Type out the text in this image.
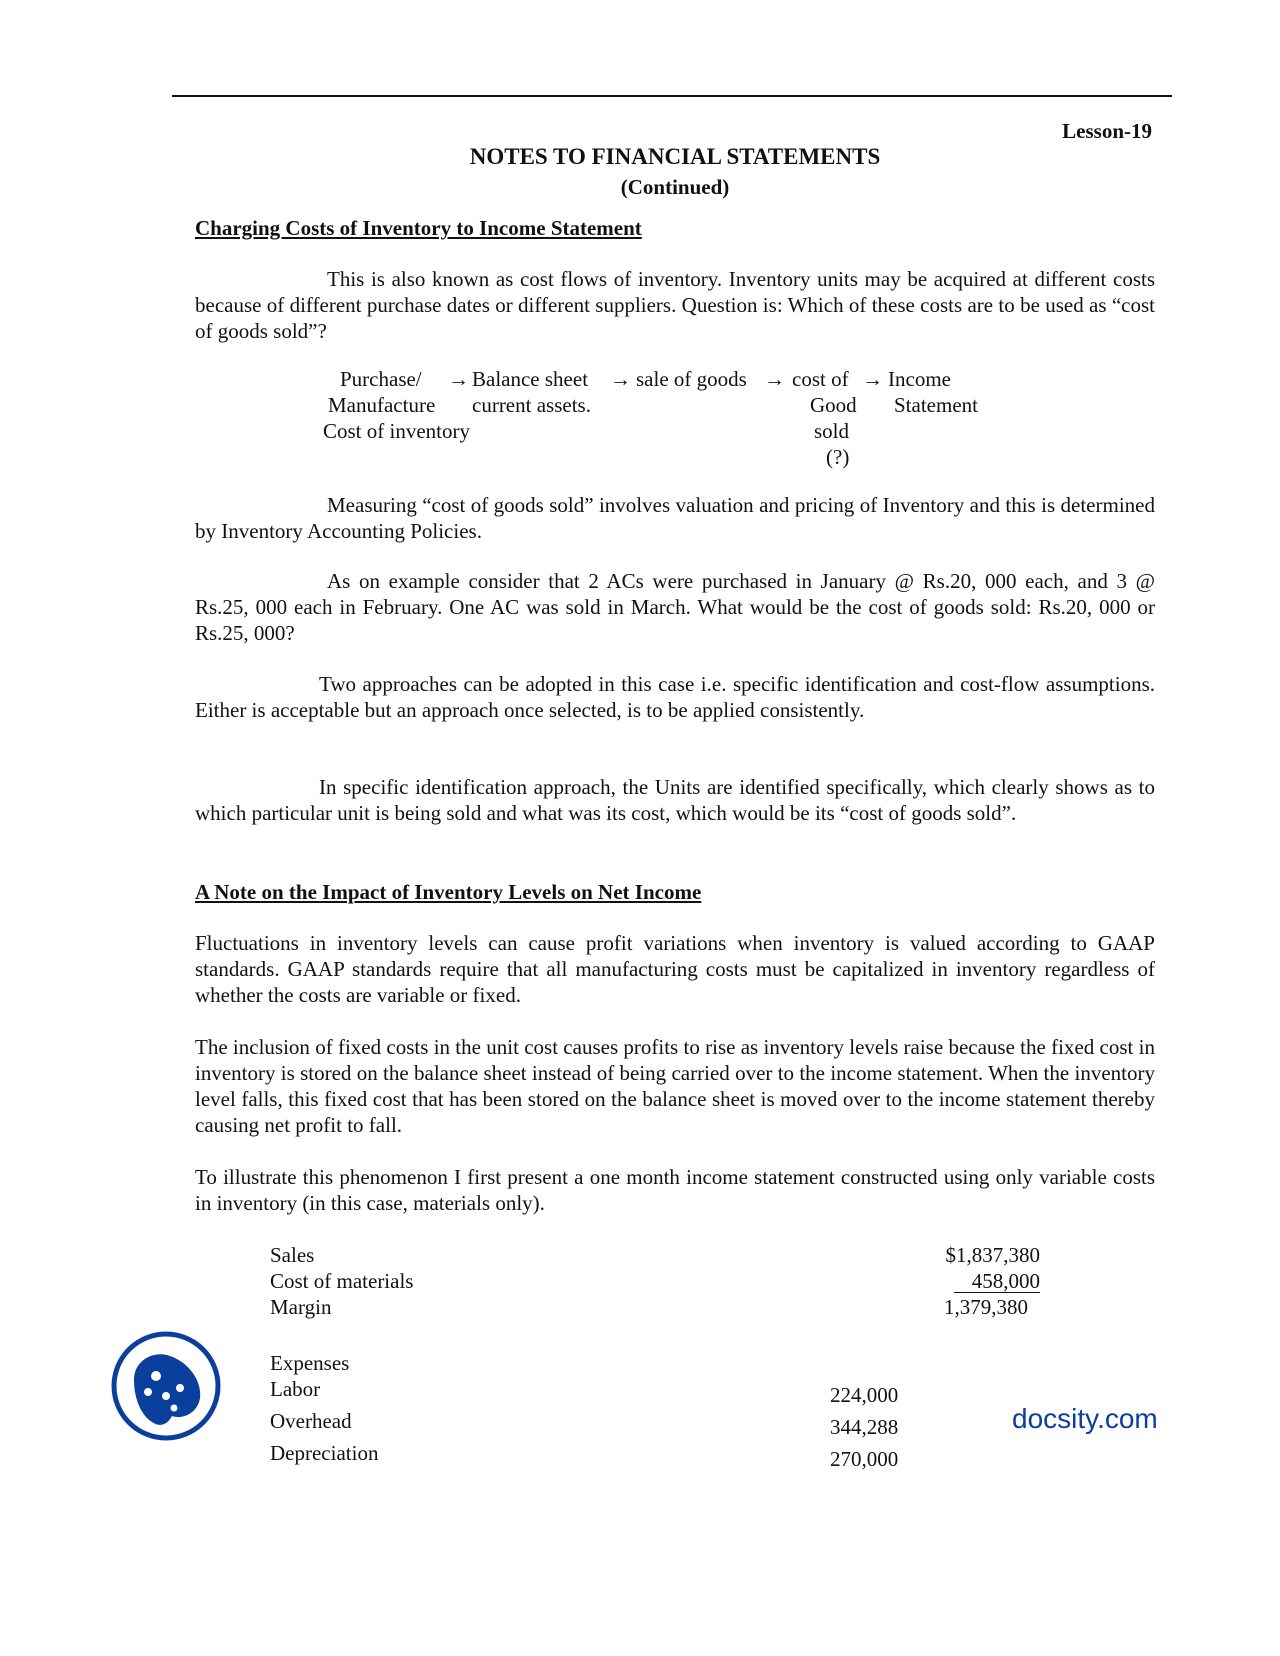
Lesson-19
NOTES TO FINANCIAL STATEMENTS
(Continued)
Charging Costs of Inventory to Income Statement
This is also known as cost flows of inventory. Inventory units may be acquired at different costs because of different purchase dates or different suppliers. Question is: Which of these costs are to be used as “cost of goods sold”?
Purchase/ → Balance sheet → sale of goods → cost of → Income
Manufacture current assets.	Good Statement
Cost of inventory	sold
(?)
Measuring “cost of goods sold” involves valuation and pricing of Inventory and this is determined by Inventory Accounting Policies.
As on example consider that 2 ACs were purchased in January @ Rs.20, 000 each, and 3 @ Rs.25, 000 each in February. One AC was sold in March. What would be the cost of goods sold: Rs.20, 000 or Rs.25, 000?
Two approaches can be adopted in this case i.e. specific identification and cost-flow assumptions. Either is acceptable but an approach once selected, is to be applied consistently.
In specific identification approach, the Units are identified specifically, which clearly shows as to which particular unit is being sold and what was its cost, which would be its “cost of goods sold”.
A Note on the Impact of Inventory Levels on Net Income
Fluctuations in inventory levels can cause profit variations when inventory is valued according to GAAP standards. GAAP standards require that all manufacturing costs must be capitalized in inventory regardless of whether the costs are variable or fixed.
The inclusion of fixed costs in the unit cost causes profits to rise as inventory levels raise because the fixed cost in inventory is stored on the balance sheet instead of being carried over to the income statement. When the inventory level falls, this fixed cost that has been stored on the balance sheet is moved over to the income statement thereby causing net profit to fall.
To illustrate this phenomenon I first present a one month income statement constructed using only variable costs in inventory (in this case, materials only).
Sales	$1,837,380
Cost of materials	458,000
Margin	1,379,380
Expenses
Labor	224,000
Overhead	344,288
Depreciation	270,000
docsity.com
